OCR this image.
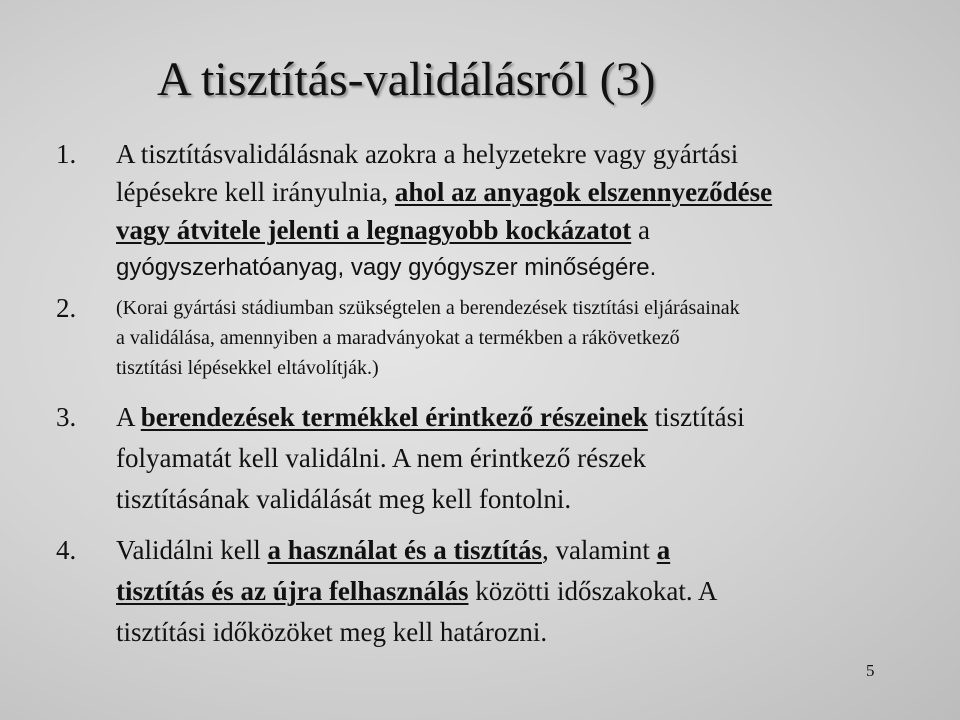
A tisztítás-validálásról (3)
1. A tisztításvalidálásnak azokra a helyzetekre vagy gyártási
lépésekre kell irányulnia, ahol az anyagok elszennyeződése
vagy átvitele jelenti a legnagyobb kockázatot a
gyógyszerhatóanyag, vagy gyógyszer minőségére.
2. (Korai gyártási stádiumban szükségtelen a berendezések tisztítási eljárásainak
a validálása, amennyiben a maradványokat a termékben a rákövetkező
tisztítási lépésekkel eltávolítják.)
3. A berendezések termékkel érintkező részeinek tisztítási
folyamatát kell validálni. A nem érintkező részek
tisztításának validálását meg kell fontolni.
4. Validálni kell a használat és a tisztítás, valamint a
tisztítás és az újra felhasználás közötti időszakokat. A
tisztítási időközöket meg kell határozni.
5
